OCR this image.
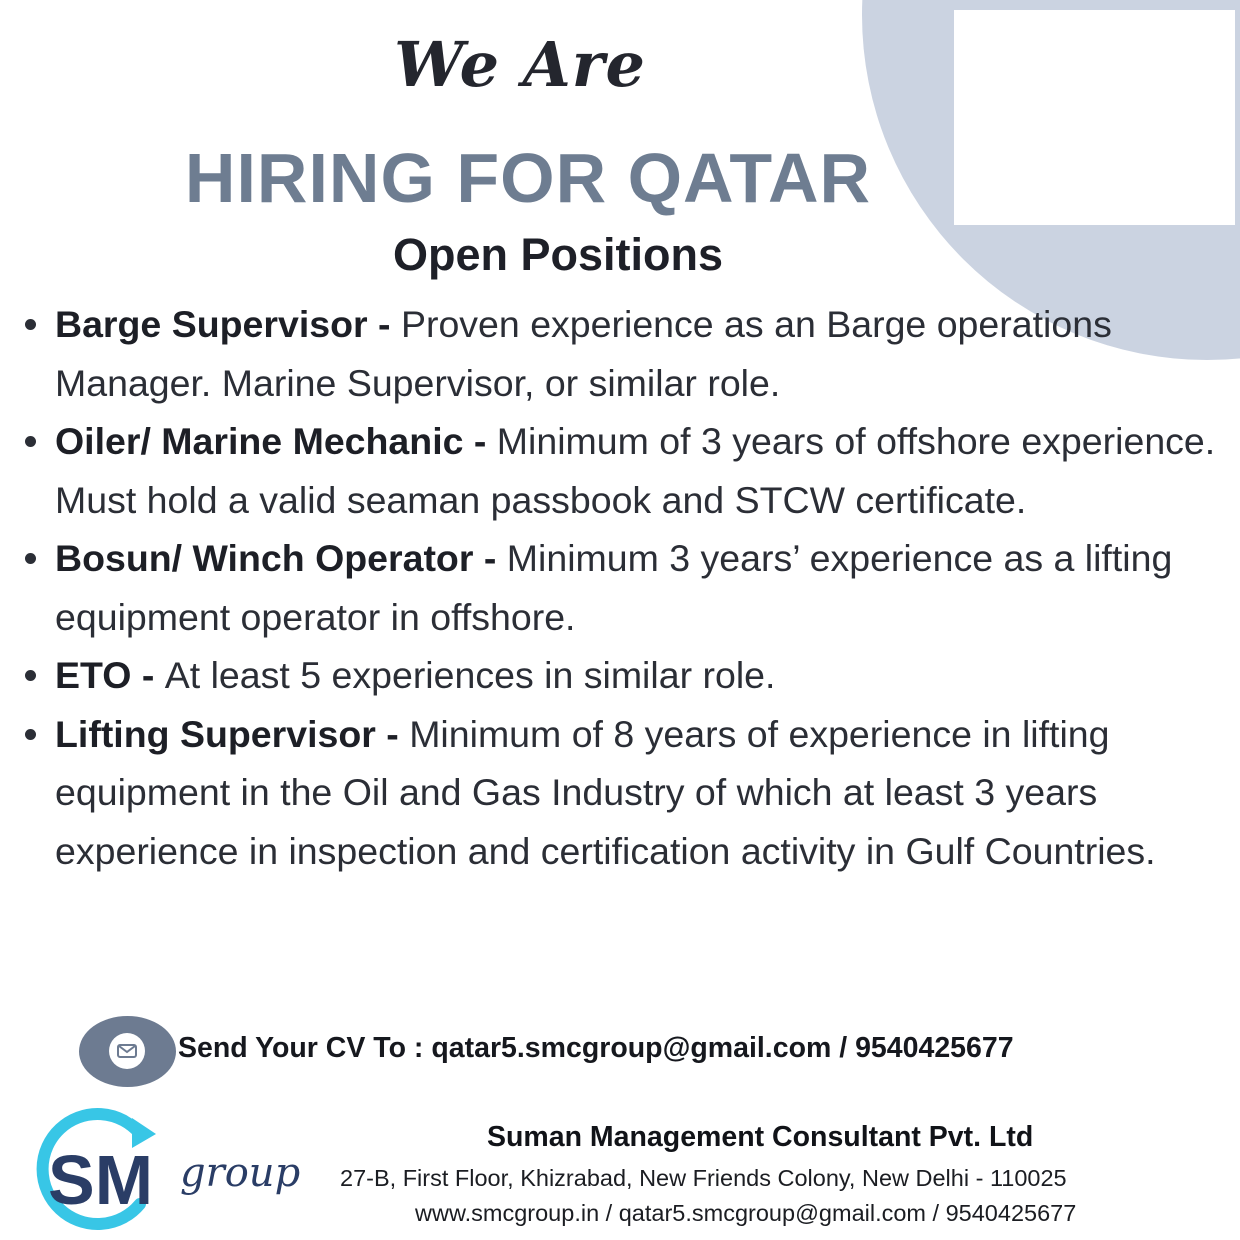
We Are
HIRING FOR QATAR
Open Positions
Barge Supervisor - Proven experience as an Barge operations Manager. Marine Supervisor, or similar role.
Oiler/ Marine Mechanic - Minimum of 3 years of offshore experience. Must hold a valid seaman passbook and STCW certificate.
Bosun/ Winch Operator - Minimum 3 years’ experience as a lifting equipment operator in offshore.
ETO - At least 5 experiences in similar role.
Lifting Supervisor - Minimum of 8 years of experience in lifting equipment in the Oil and Gas Industry of which at least 3 years experience in inspection and certification activity in Gulf Countries.
Send Your CV To : qatar5.smcgroup@gmail.com / 9540425677
SM group
Suman Management Consultant Pvt. Ltd
27-B, First Floor, Khizrabad, New Friends Colony, New Delhi - 110025
www.smcgroup.in / qatar5.smcgroup@gmail.com / 9540425677
